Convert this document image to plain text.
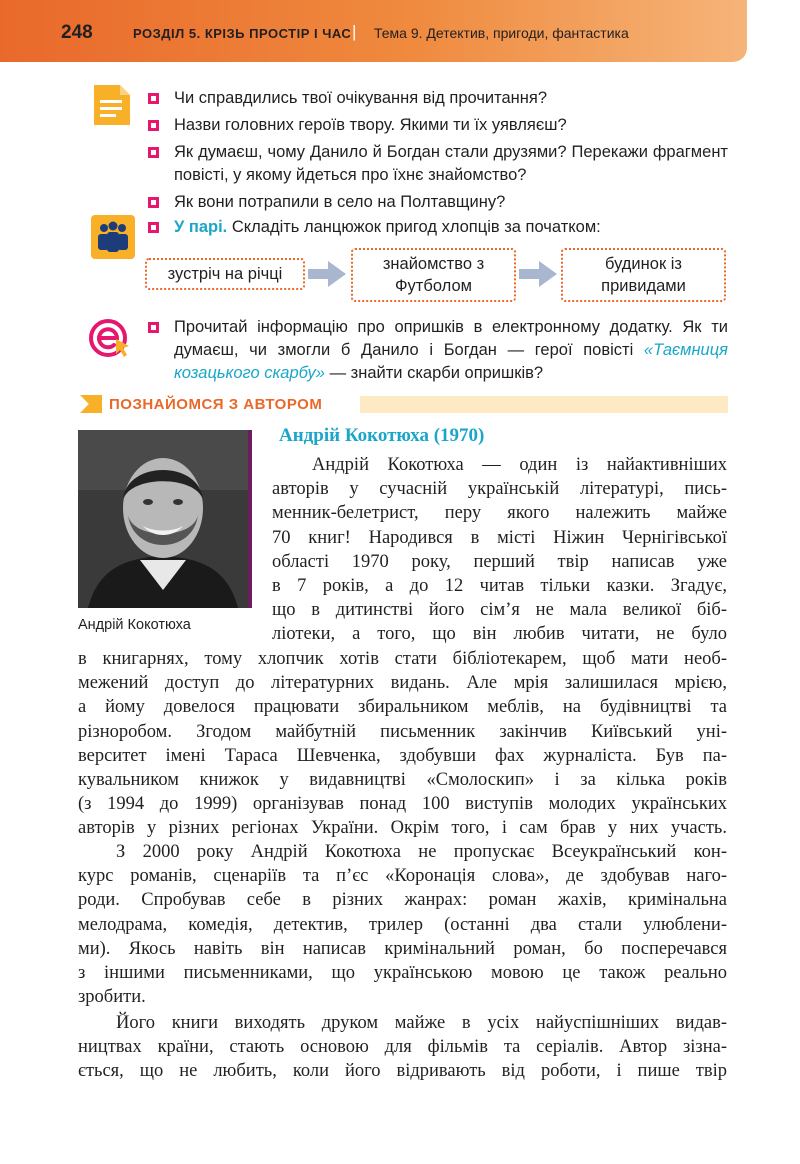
248	РОЗДІЛ 5. КРІЗЬ ПРОСТІР І ЧАС | Тема 9. Детектив, пригоди, фантастика
Чи справдились твої очікування від прочитання?
Назви головних героїв твору. Якими ти їх уявляєш?
Як думаєш, чому Данило й Богдан стали друзями? Перекажи фрагмент повісті, у якому йдеться про їхнє знайомство?
Як вони потрапили в село на Полтавщину?
У парі. Складіть ланцюжок пригод хлопців за початком:
зустріч на річці
знайомство з Футболом
будинок із привидами
Прочитай інформацію про опришків в електронному додатку. Як ти думаєш, чи змогли б Данило і Богдан — герої повісті «Таємниця козацького скарбу» — знайти скарби опришків?
ПОЗНАЙОМСЯ З АВТОРОМ
Андрій Кокотюха
Андрій Кокотюха (1970)
Андрій Кокотюха — один із найактивніших
авторів у сучасній українській літературі, пись-
менник-белетрист, перу якого належить майже
70 книг! Народився в місті Ніжин Чернігівської
області 1970 року, перший твір написав уже
в 7 років, а до 12 читав тільки казки. Згадує,
що в дитинстві його сім’я не мала великої біб-
ліотеки, а того, що він любив читати, не було
в книгарнях, тому хлопчик хотів стати бібліотекарем, щоб мати необ-
межений доступ до літературних видань. Але мрія залишилася мрією,
а йому довелося працювати збиральником меблів, на будівництві та
різноробом. Згодом майбутній письменник закінчив Київський уні-
верситет імені Тараса Шевченка, здобувши фах журналіста. Був па-
кувальником книжок у видавництві «Смолоскип» і за кілька років
(з 1994 до 1999) організував понад 100 виступів молодих українських
авторів у різних регіонах України. Окрім того, і сам брав у них участь.
З 2000 року Андрій Кокотюха не пропускає Всеукраїнський кон-
курс романів, сценаріїв та п’єс «Коронація слова», де здобував наго-
роди. Спробував себе в різних жанрах: роман жахів, кримінальна
мелодрама, комедія, детектив, трилер (останні два стали улюблени-
ми). Якось навіть він написав кримінальний роман, бо посперечався
з іншими письменниками, що українською мовою це також реально
зробити.
Його книги виходять друком майже в усіх найуспішніших видав-
ництвах країни, стають основою для фільмів та серіалів. Автор зізна-
ється, що не любить, коли його відривають від роботи, і пише твір
